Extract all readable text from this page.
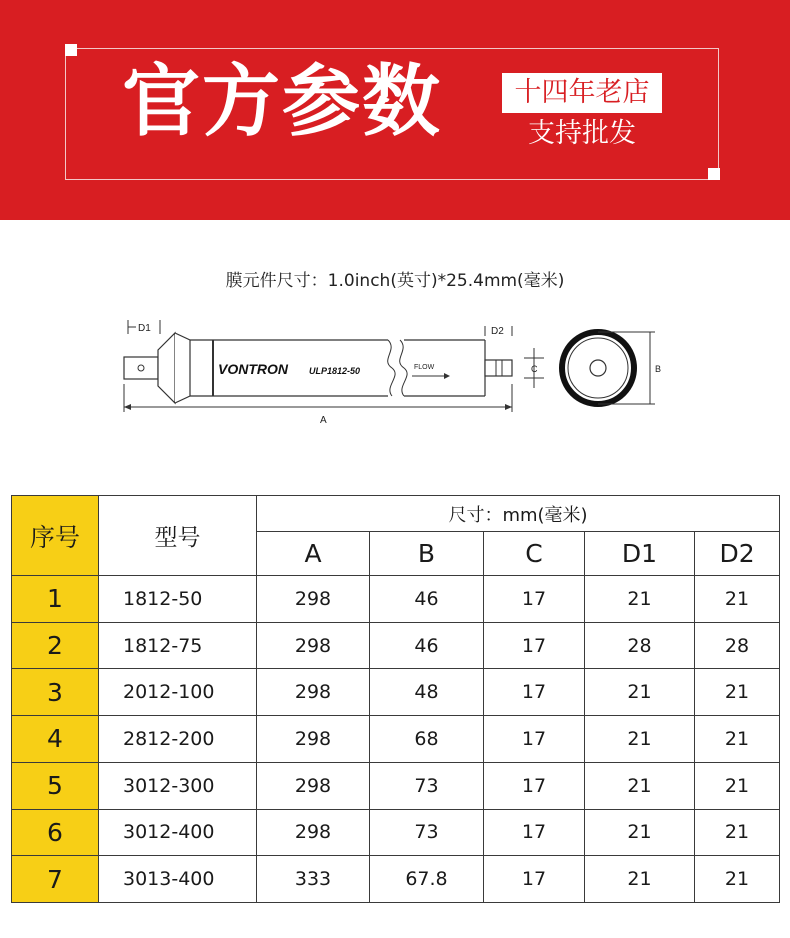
官方参数	十四年老店
支持批发
膜元件尺寸：1.0inch(英寸)*25.4mm(毫米)
D1
VONTRON ULP1812-50	FLOW
D2
C
A
B
序号	型号	尺寸：mm(毫米)				
		A	B	C	D1	D2
1	1812-50	298	46	17	21	21
2	1812-75	298	46	17	28	28
3	2012-100	298	48	17	21	21
4	2812-200	298	68	17	21	21
5	3012-300	298	73	17	21	21
6	3012-400	298	73	17	21	21
7	3013-400	333	67.8	17	21	21
